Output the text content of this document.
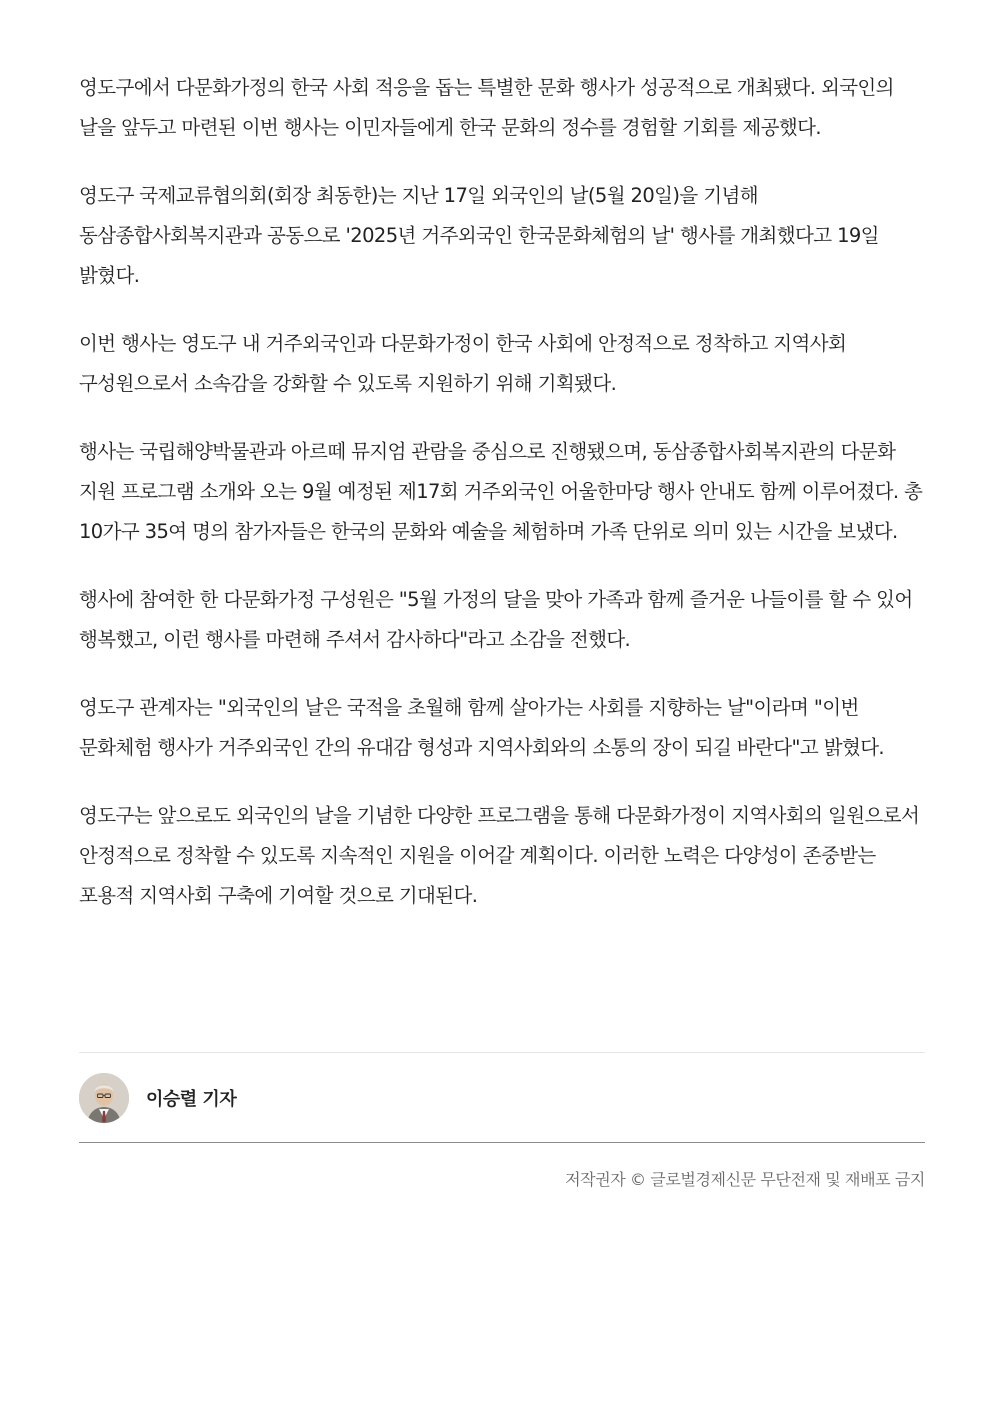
영도구에서 다문화가정의 한국 사회 적응을 돕는 특별한 문화 행사가 성공적으로 개최됐다. 외국인의 날을 앞두고 마련된 이번 행사는 이민자들에게 한국 문화의 정수를 경험할 기회를 제공했다.

영도구 국제교류협의회(회장 최동한)는 지난 17일 외국인의 날(5월 20일)을 기념해 동삼종합사회복지관과 공동으로 '2025년 거주외국인 한국문화체험의 날' 행사를 개최했다고 19일 밝혔다.

이번 행사는 영도구 내 거주외국인과 다문화가정이 한국 사회에 안정적으로 정착하고 지역사회 구성원으로서 소속감을 강화할 수 있도록 지원하기 위해 기획됐다.

행사는 국립해양박물관과 아르떼 뮤지엄 관람을 중심으로 진행됐으며, 동삼종합사회복지관의 다문화 지원 프로그램 소개와 오는 9월 예정된 제17회 거주외국인 어울한마당 행사 안내도 함께 이루어졌다. 총 10가구 35여 명의 참가자들은 한국의 문화와 예술을 체험하며 가족 단위로 의미 있는 시간을 보냈다.

행사에 참여한 한 다문화가정 구성원은 "5월 가정의 달을 맞아 가족과 함께 즐거운 나들이를 할 수 있어 행복했고, 이런 행사를 마련해 주셔서 감사하다"라고 소감을 전했다.

영도구 관계자는 "외국인의 날은 국적을 초월해 함께 살아가는 사회를 지향하는 날"이라며 "이번 문화체험 행사가 거주외국인 간의 유대감 형성과 지역사회와의 소통의 장이 되길 바란다"고 밝혔다.

영도구는 앞으로도 외국인의 날을 기념한 다양한 프로그램을 통해 다문화가정이 지역사회의 일원으로서 안정적으로 정착할 수 있도록 지속적인 지원을 이어갈 계획이다. 이러한 노력은 다양성이 존중받는 포용적 지역사회 구축에 기여할 것으로 기대된다.

이승렬 기자
저작권자 © 글로벌경제신문 무단전재 및 재배포 금지
